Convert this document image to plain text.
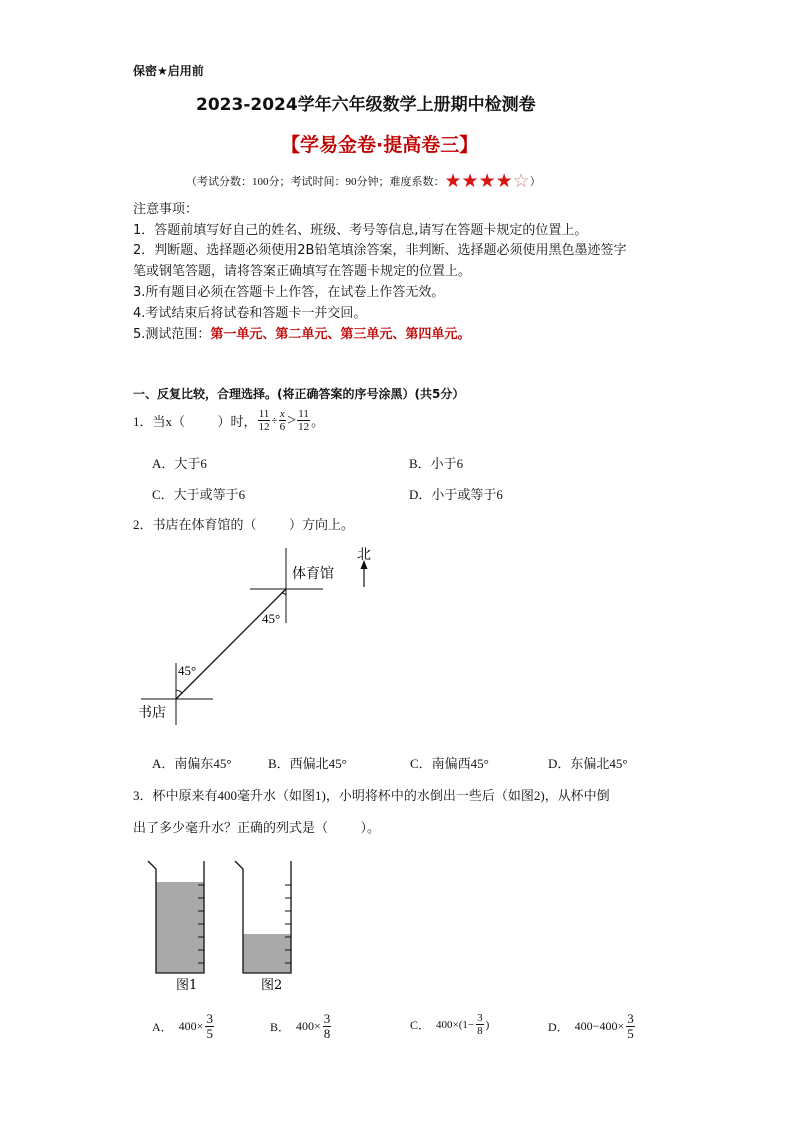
保密★启用前
2023-2024学年六年级数学上册期中检测卷
【学易金卷·提高卷三】
（考试分数：100分；考试时间：90分钟；难度系数：★★★★☆）
注意事项：
1．答题前填写好自己的姓名、班级、考号等信息,请写在答题卡规定的位置上。
2．判断题、选择题必须使用2B铅笔填涂答案，非判断、选择题必须使用黑色墨迹签字
笔或钢笔答题，请将答案正确填写在答题卡规定的位置上。
3.所有题目必须在答题卡上作答，在试卷上作答无效。
4.考试结束后将试卷和答题卡一并交回。
5.测试范围：第一单元、第二单元、第三单元、第四单元。
一、反复比较，合理选择。(将正确答案的序号涂黑）(共5分）
1．当x（          ）时， $\frac{11}{12} \div \frac{x}{6} > \frac{11}{12}$ 。
A．大于6	B．小于6
C．大于或等于6	D．小于或等于6
2．书店在体育馆的（          ）方向上。
体育馆
书店
北
45°
45°
A．南偏东45°	B．西偏北45°	C．南偏西45°	D．东偏北45°
3．杯中原来有400毫升水（如图1)，小明将杯中的水倒出一些后（如图2)，从杯中倒
出了多少毫升水？正确的列式是（          ）。
图1	图2
A． $400\times \frac{3}{5}$	B． $400\times \frac{3}{8}$	C． $400\times(1- \frac{3}{8}$ )	D． $400-400\times \frac{3}{5}$
